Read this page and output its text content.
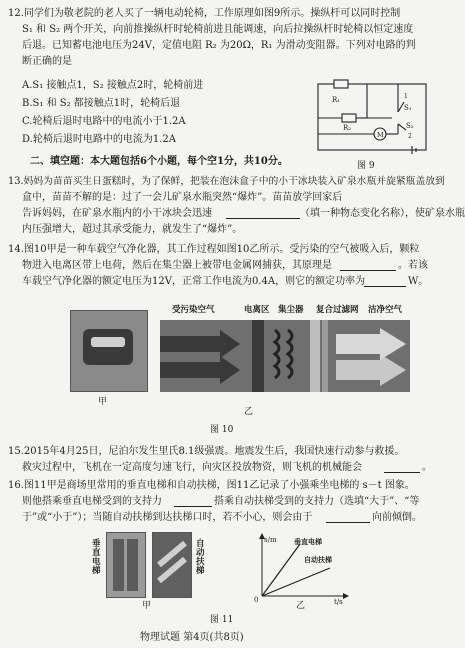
12.同学们为敬老院的老人买了一辆电动轮椅，工作原理如图9所示。操纵杆可以同时控制
S₁ 和 S₂ 两个开关，向前推操纵杆时轮椅前进且能调速，向后拉操纵杆时轮椅以恒定速度
后退。已知蓄电池电压为24V，定值电阻 R₂ 为20Ω，R₁ 为滑动变阻器。下列对电路的判
断正确的是
A.S₁ 接触点1，S₂ 接触点2时，轮椅前进
B.S₁ 和 S₂ 都接触点1时，轮椅后退
C.轮椅后退时电路中的电流小于1.2A
D.轮椅后退时电路中的电流为1.2A
R₁
R₂
S₁
S₂
M
1
2
图 9
二、填空题：本大题包括6个小题，每个空1分，共10分。
13.妈妈为苗苗买生日蛋糕时，为了保鲜，把装在泡沫盒子中的小干冰块装入矿泉水瓶并旋紧瓶盖放到
盒中，苗苗不解的是：过了一会儿矿泉水瓶突然“爆炸”。苗苗放学回家后
告诉妈妈，在矿泉水瓶内的小干冰块会迅速	（填一种物态变化名称），使矿泉水瓶
内压强增大，超过其承受能力，就发生了“爆炸”。
14.图10甲是一种车载空气净化器，其工作过程如图10乙所示。受污染的空气被吸入后，颗粒
物进入电离区带上电荷，然后在集尘器上被带电金属网捕获，其原理是	。若该
车载空气净化器的额定电压为12V，正常工作电流为0.4A，则它的额定功率为	W。
甲
受污染空气	电离区 集尘器 复合过滤网 洁净空气
乙
图 10
15.2015年4月25日，尼泊尔发生里氏8.1级强震。地震发生后，我国快速行动参与救援。
救灾过程中，飞机在一定高度匀速飞行，向灾区投放物资，则飞机的机械能会	。
16.图11甲是商场里常用的垂直电梯和自动扶梯，图11乙记录了小强乘坐电梯的 s－t 图象。
则他搭乘垂直电梯受到的支持力	搭乘自动扶梯受到的支持力（选填“大于”、“等
于”或“小于”）；当随自动扶梯到达扶梯口时，若不小心，则会由于	向前倾倒。
垂直电梯
自动扶梯
甲
s/m
t/s
0
垂直电梯
自动扶梯
乙
图 11
物理试题 第4页(共8页)
